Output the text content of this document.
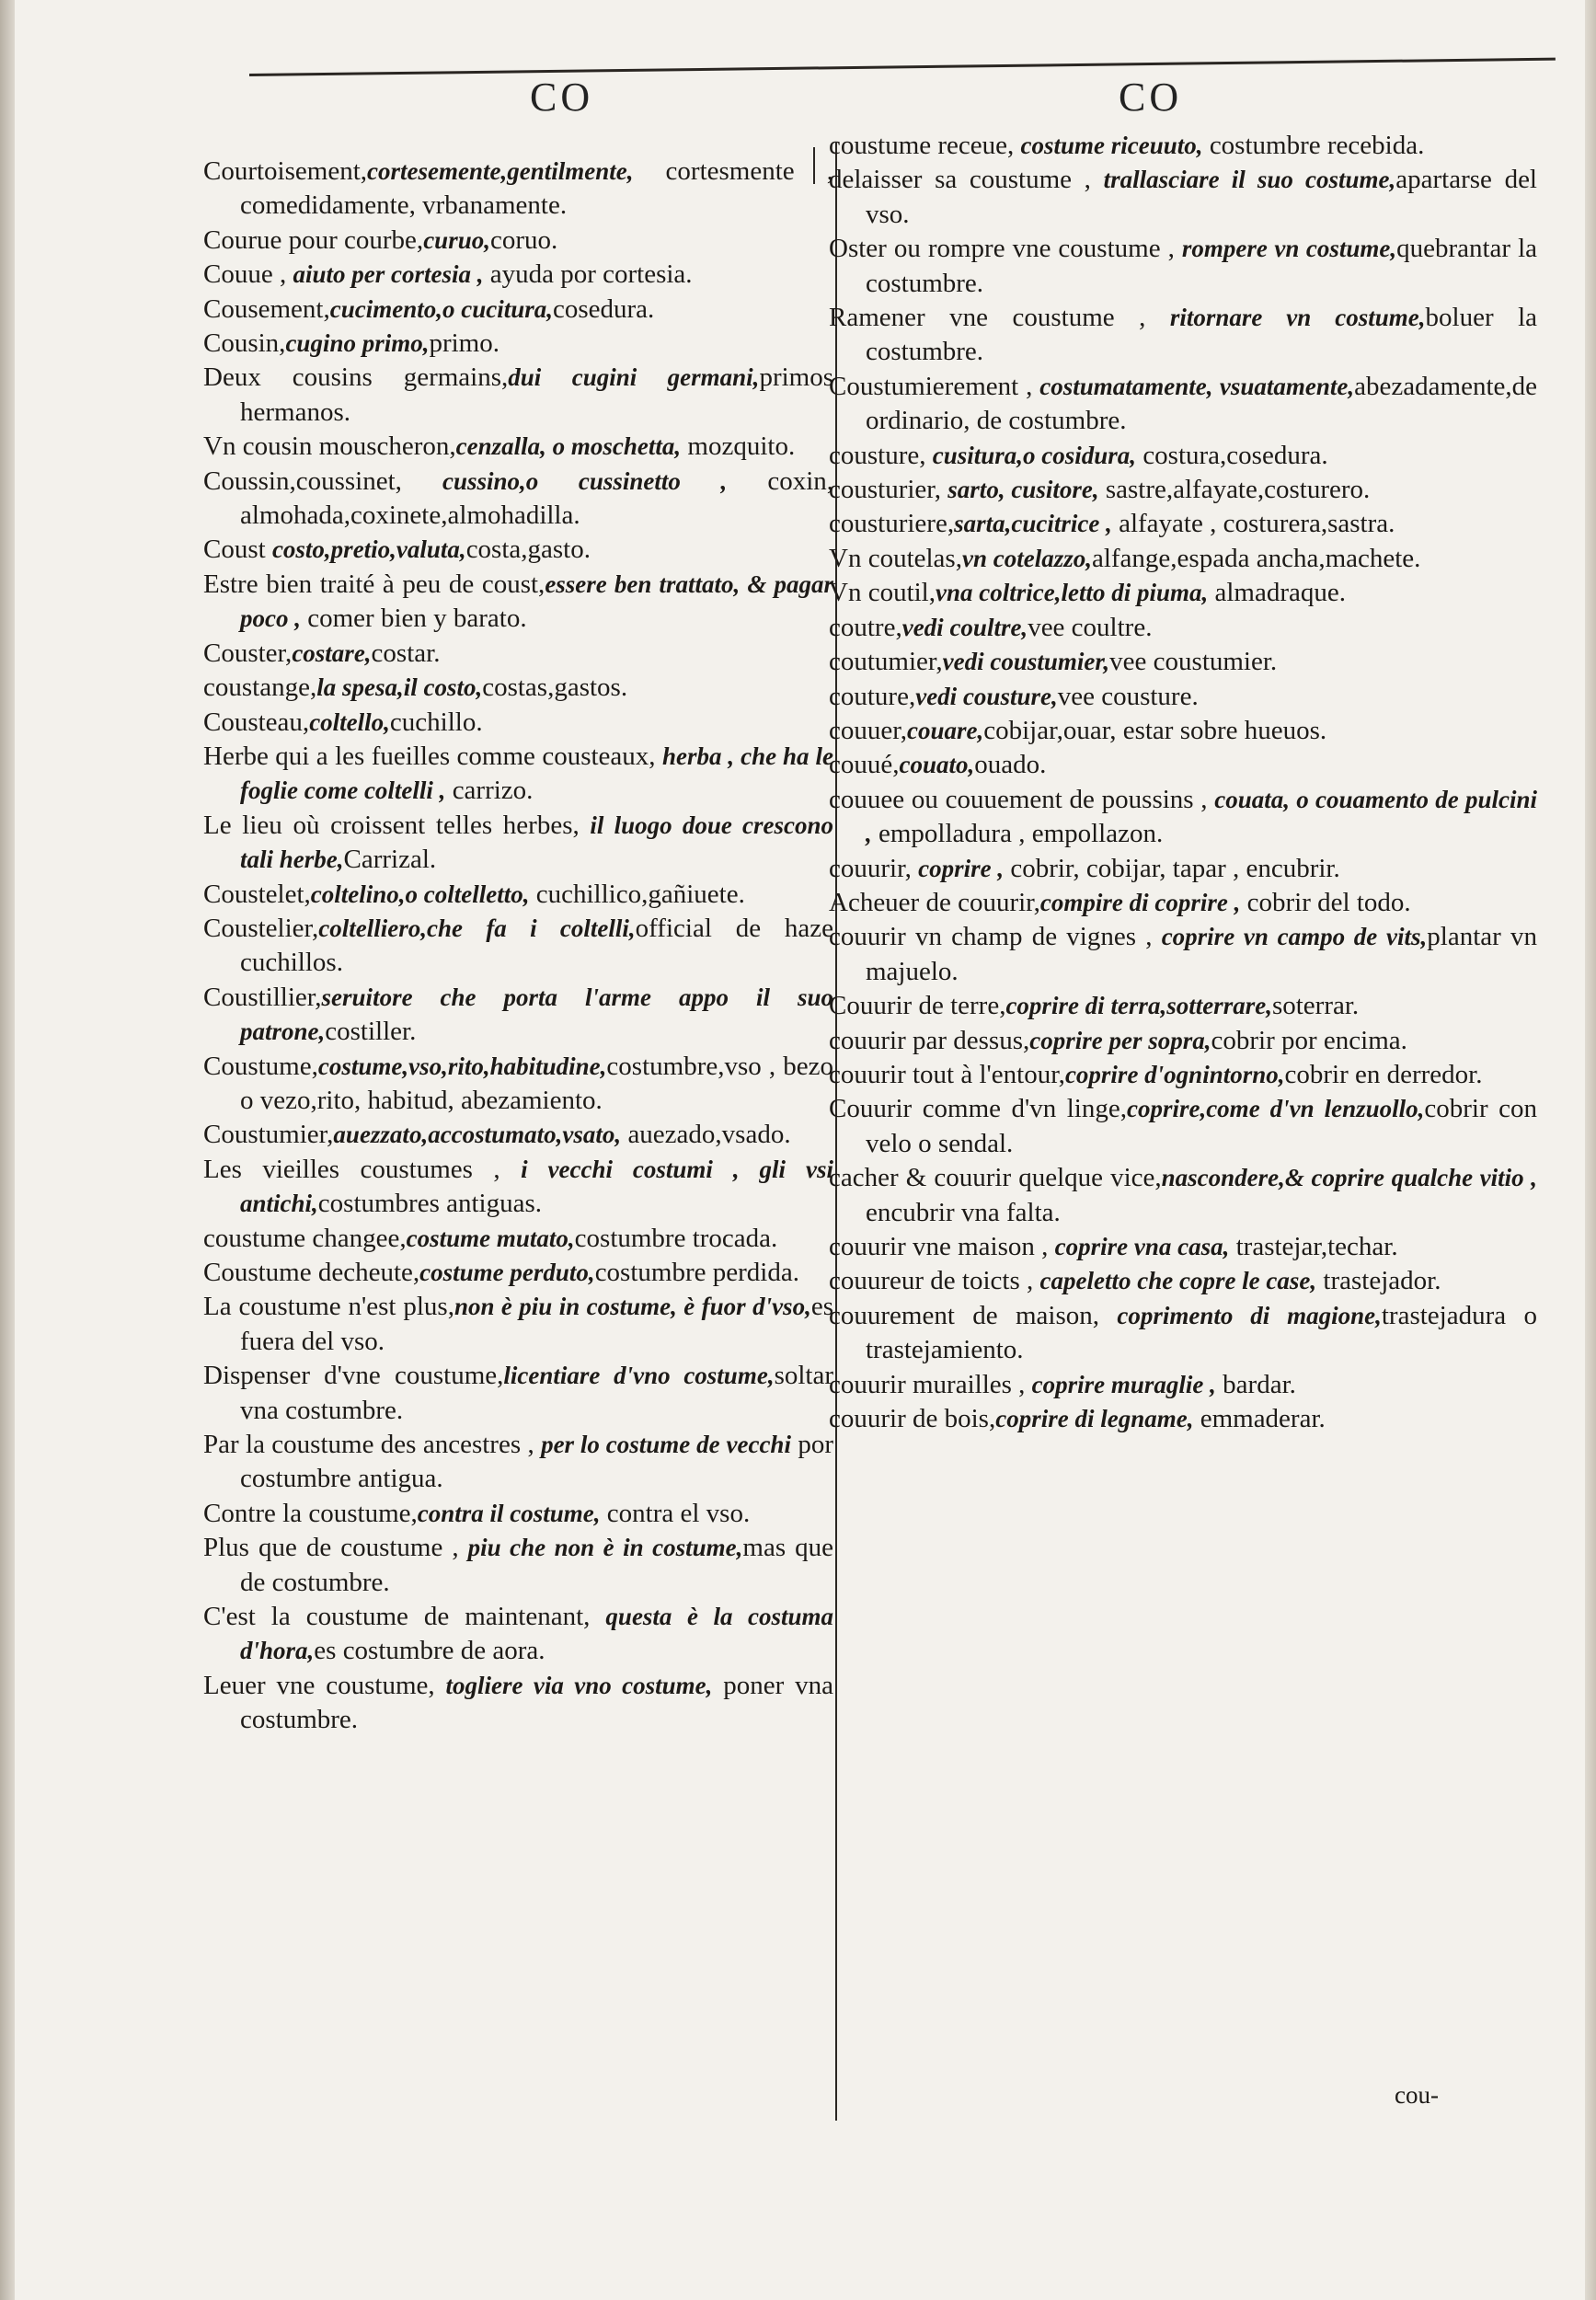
CO	CO

Courtoisement,cortesemente,gentilmente, cortesmente , comedidamente, vrbanamente.

Courue pour courbe,curuo,coruo.

Couue , aiuto per cortesia , ayuda por cortesia.

Cousement,cucimento,o cucitura,cosedura.

Cousin,cugino primo,primo.

Deux cousins germains,dui cugini germani,primos hermanos.

Vn cousin mouscheron,cenzalla, o moschetta, mozquito.

Coussin,coussinet, cussino,o cussinetto , coxin, almohada,coxinete,almohadilla.

Coust costo,pretio,valuta,costa,gasto.

Estre bien traité à peu de coust,essere ben trattato, & pagar poco , comer bien y barato.

Couster,costare,costar.

coustange,la spesa,il costo,costas,gastos.

Cousteau,coltello,cuchillo.

Herbe qui a les fueilles comme cousteaux, herba , che ha le foglie come coltelli , carrizo.

Le lieu où croissent telles herbes, il luogo doue crescono tali herbe,Carrizal.

Coustelet,coltelino,o coltelletto, cuchillico,gañiuete.

Coustelier,coltelliero,che fa i coltelli,official de haze cuchillos.

Coustillier,seruitore che porta l'arme appo il suo patrone,costiller.

Coustume,costume,vso,rito,habitudine,costumbre,vso , bezo o vezo,rito, habitud, abezamiento.

Coustumier,auezzato,accostumato,vsato, auezado,vsado.

Les vieilles coustumes , i vecchi costumi , gli vsi antichi,costumbres antiguas.

coustume changee,costume mutato,costumbre trocada.

Coustume decheute,costume perduto,costumbre perdida.

La coustume n'est plus,non è piu in costume, è fuor d'vso,es fuera del vso.

Dispenser d'vne coustume,licentiare d'vno costume,soltar vna costumbre.

Par la coustume des ancestres , per lo costume de vecchi por costumbre antigua.

Contre la coustume,contra il costume, contra el vso.

Plus que de coustume , piu che non è in costume,mas que de costumbre.

C'est la coustume de maintenant, questa è la costuma d'hora,es costumbre de aora.

Leuer vne coustume, togliere via vno costume, poner vna costumbre.

coustume receue, costume riceuuto, costumbre recebida.

delaisser sa coustume , trallasciare il suo costume,apartarse del vso.

Oster ou rompre vne coustume , rompere vn costume,quebrantar la costumbre.

Ramener vne coustume , ritornare vn costume,boluer la costumbre.

Coustumierement , costumatamente, vsuatamente,abezadamente,de ordinario, de costumbre.

cousture, cusitura,o cosidura, costura,cosedura.

cousturier, sarto, cusitore, sastre,alfayate,costurero.

cousturiere,sarta,cucitrice , alfayate , costurera,sastra.

Vn coutelas,vn cotelazzo,alfange,espada ancha,machete.

Vn coutil,vna coltrice,letto di piuma, almadraque.

coutre,vedi coultre,vee coultre.

coutumier,vedi coustumier,vee coustumier.

couture,vedi cousture,vee cousture.

couuer,couare,cobijar,ouar, estar sobre hueuos.

couué,couato,ouado.

couuee ou couuement de poussins , couata, o couamento de pulcini , empolladura , empollazon.

couurir, coprire , cobrir, cobijar, tapar , encubrir.

Acheuer de couurir,compire di coprire , cobrir del todo.

couurir vn champ de vignes , coprire vn campo de vits,plantar vn majuelo.

Couurir de terre,coprire di terra,sotterrare,soterrar.

couurir par dessus,coprire per sopra,cobrir por encima.

couurir tout à l'entour,coprire d'ognintorno,cobrir en derredor.

Couurir comme d'vn linge,coprire,come d'vn lenzuollo,cobrir con velo o sendal.

cacher & couurir quelque vice,nascondere,& coprire qualche vitio , encubrir vna falta.

couurir vne maison , coprire vna casa, trastejar,techar.

couureur de toicts , capeletto che copre le case, trastejador.

couurement de maison, coprimento di magione,trastejadura o trastejamiento.

couurir murailles , coprire muraglie , bardar.

couurir de bois,coprire di legname, emmaderar.

cou-
